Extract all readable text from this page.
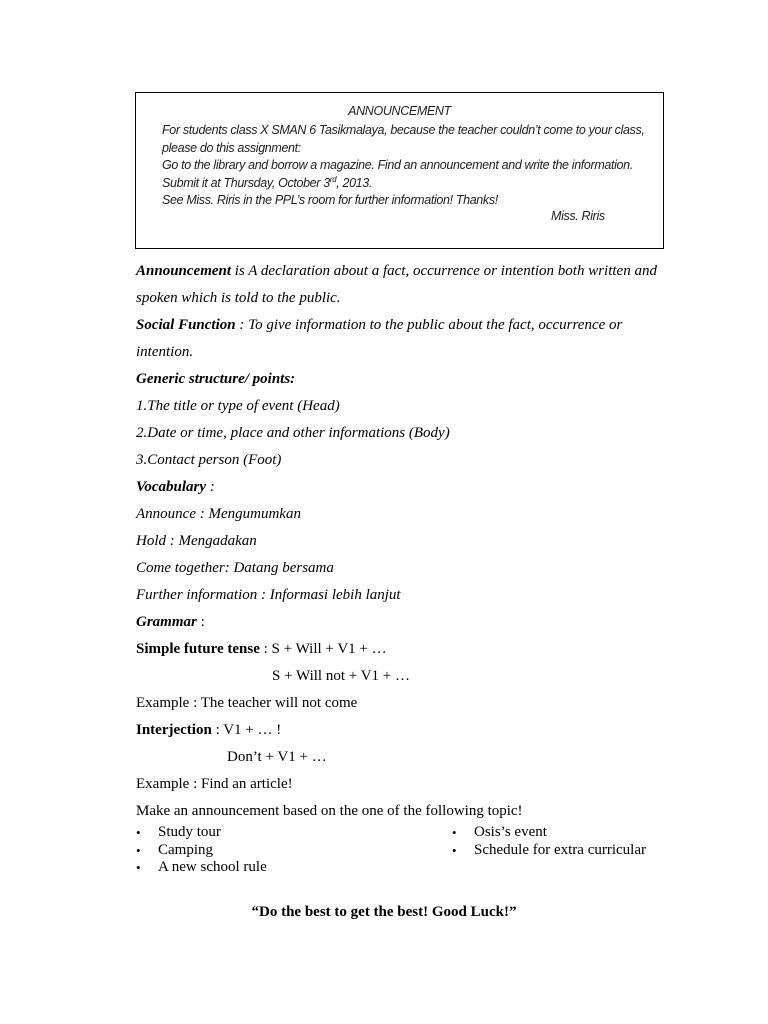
ANNOUNCEMENT
For students class X SMAN 6 Tasikmalaya, because the teacher couldn’t come to your class,
please do this assignment:
Go to the library and borrow a magazine. Find an announcement and write the information.
Submit it at Thursday, October 3rd, 2013.
See Miss. Riris in the PPL’s room for further information! Thanks!
Miss. Riris
Announcement is A declaration about a fact, occurrence or intention both written and spoken which is told to the public.
Social Function : To give information to the public about the fact, occurrence or intention.
Generic structure/ points:
1.The title or type of event (Head)
2.Date or time, place and other informations (Body)
3.Contact person (Foot)
Vocabulary :
Announce : Mengumumkan
Hold : Mengadakan
Come together: Datang bersama
Further information : Informasi lebih lanjut
Grammar :
Simple future tense : S + Will + V1 + …
S + Will not + V1 + …
Example : The teacher will not come
Interjection : V1 + … !
Don’t + V1 + …
Example : Find an article!
Make an announcement based on the one of the following topic!
• Study tour
• Camping
• A new school rule
• Osis’s event
• Schedule for extra curricular
“Do the best to get the best! Good Luck!”
